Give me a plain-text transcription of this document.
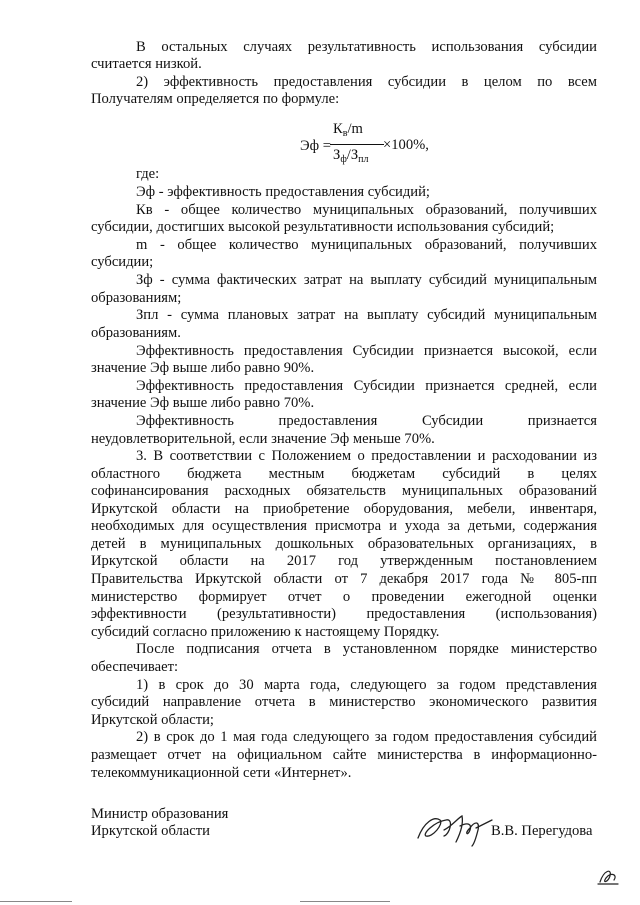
В остальных случаях результативность использования субсидии
считается низкой.
2) эффективность предоставления субсидии в целом по всем
Получателям определяется по формуле:
где:
Эф - эффективность предоставления субсидий;
Кв - общее количество муниципальных образований, получивших
субсидии, достигших высокой результативности использования субсидий;
m - общее количество муниципальных образований, получивших
субсидии;
Зф - сумма фактических затрат на выплату субсидий муниципальным
образованиям;
Зпл - сумма плановых затрат на выплату субсидий муниципальным
образованиям.
Эффективность предоставления Субсидии признается высокой, если
значение Эф выше либо равно 90%.
Эффективность предоставления Субсидии признается средней, если
значение Эф выше либо равно 70%.
Эффективность предоставления Субсидии признается
неудовлетворительной, если значение Эф меньше 70%.
3. В соответствии с Положением о предоставлении и расходовании из
областного бюджета местным бюджетам субсидий в целях
софинансирования расходных обязательств муниципальных образований
Иркутской области на приобретение оборудования, мебели, инвентаря,
необходимых для осуществления присмотра и ухода за детьми, содержания
детей в муниципальных дошкольных образовательных организациях, в
Иркутской области на 2017 год утвержденным постановлением
Правительства Иркутской области от 7 декабря 2017 года № 805-пп
министерство формирует отчет о проведении ежегодной оценки
эффективности (результативности) предоставления (использования)
субсидий согласно приложению к настоящему Порядку.
После подписания отчета в установленном порядке министерство
обеспечивает:
1) в срок до 30 марта года, следующего за годом представления
субсидий направление отчета в министерство экономического развития
Иркутской области;
2) в срок до 1 мая года следующего за годом предоставления субсидий
размещает отчет на официальном сайте министерства в информационно-
телекоммуникационной сети «Интернет».
Эф =
$К_в/m$
$З_ф/З_{пл}$
×100%,
Министр образования
Иркутской области	В.В. Перегудова
